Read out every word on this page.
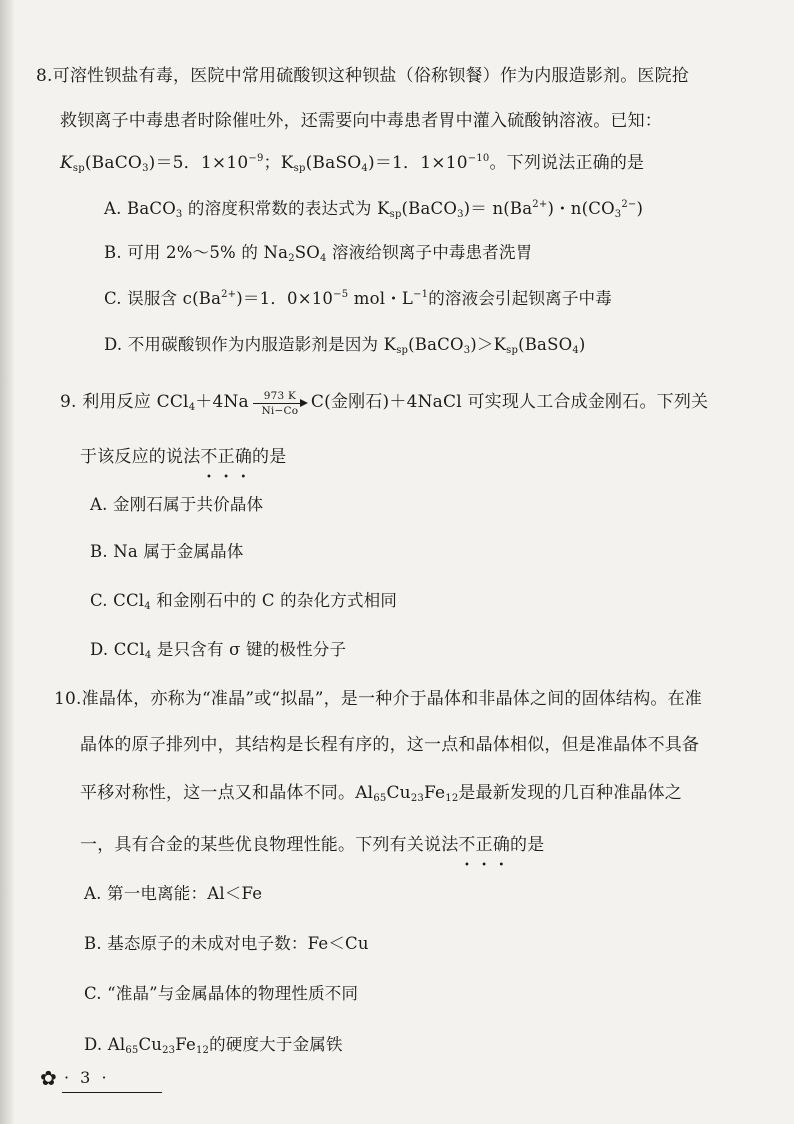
8.可溶性钡盐有毒，医院中常用硫酸钡这种钡盐（俗称钡餐）作为内服造影剂。医院抢
救钡离子中毒患者时除催吐外，还需要向中毒患者胃中灌入硫酸钠溶液。已知：
$K_{sp}(BaCO_3)=5$．$1\times 10^{-9}$；$K_{sp}(BaSO_4)=1$．$1\times 10^{-10}$。下列说法正确的是
A. BaCO$_3$ 的溶度积常数的表达式为 $K_{sp}(BaCO_3)= n(Ba^{2+})$・$n(CO_3^{2-})$
B. 可用 2%～5% 的 $Na_2SO_4$ 溶液给钡离子中毒患者洗胃
C. 误服含 $c(Ba^{2+})=1$．$0\times 10^{-5}$ mol・$L^{-1}$的溶液会引起钡离子中毒
D. 不用碳酸钡作为内服造影剂是因为 $K_{sp}(BaCO_3)>K_{sp}(BaSO_4)$
9. 利用反应 $CCl_4+4Na \frac{973 K}{Ni-Co} C$(金刚石)＋4NaCl 可实现人工合成金刚石。下列关
于该反应的说法不正确的是
A. 金刚石属于共价晶体
B. Na 属于金属晶体
C. CCl$_4$ 和金刚石中的 C 的杂化方式相同
D. CCl$_4$ 是只含有 σ 键的极性分子
10.准晶体，亦称为“准晶”或“拟晶”，是一种介于晶体和非晶体之间的固体结构。在准
晶体的原子排列中，其结构是长程有序的，这一点和晶体相似，但是准晶体不具备
平移对称性，这一点又和晶体不同。$Al_{65}Cu_{23}Fe_{12}$是最新发现的几百种准晶体之
一，具有合金的某些优良物理性能。下列有关说法不正确的是
A. 第一电离能：Al＜Fe
B. 基态原子的未成对电子数：Fe＜Cu
C. “准晶”与金属晶体的物理性质不同
D. $Al_{65}Cu_{23}Fe_{12}$的硬度大于金属铁
✿ · 3 ·
